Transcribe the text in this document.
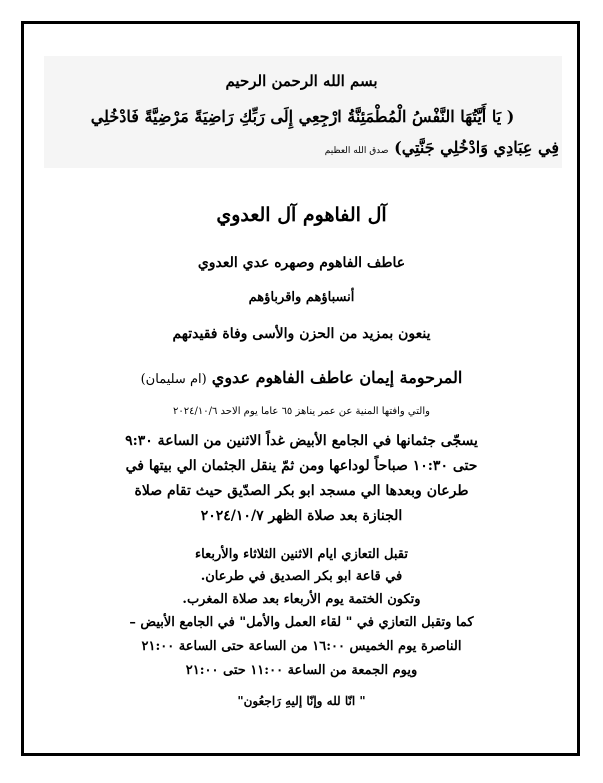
بسم الله الرحمن الرحيم
( يَا أَيَّتُهَا النَّفْسُ الْمُطْمَئِنَّةُ ارْجِعِي إِلَى رَبِّكِ رَاضِيَةً مَرْضِيَّةً فَادْخُلِي
فِي عِبَادِي وَادْخُلِي جَنَّتِي) صدق الله العظيم
آل الفاهوم آل العدوي
عاطف الفاهوم وصهره عدي العدوي
أنسباؤهم واقرباؤهم
ينعون بمزيد من الحزن والأسى وفاة فقيدتهم
المرحومة إيمان عاطف الفاهوم عدوي (ام سليمان)
والتي وافتها المنية عن عمر يناهز ٦٥ عاما يوم الاحد ٢٠٢٤/١٠/٦
يسجّى جثمانها في الجامع الأبيض غداً الاثنين من الساعة ٩:٣٠
حتى ١٠:٣٠ صباحاً لوداعها ومن ثمّ ينقل الجثمان الي بيتها في
طرعان وبعدها الي مسجد ابو بكر الصدّيق حيث تقام صلاة
الجنازة بعد صلاة الظهر ٢٠٢٤/١٠/٧
تقبل التعازي ايام الاثنين الثلاثاء والأربعاء
في قاعة ابو بكر الصديق في طرعان.
وتكون الختمة يوم الأربعاء بعد صلاة المغرب.
كما وتقبل التعازي في " لقاء العمل والأمل" في الجامع الأبيض –
الناصرة يوم الخميس ١٦:٠٠ من الساعة حتى الساعة ٢١:٠٠
ويوم الجمعة من الساعة ١١:٠٠ حتى ٢١:٠٠
" انّا لله وإنّا إليهِ رَاجعُون"
